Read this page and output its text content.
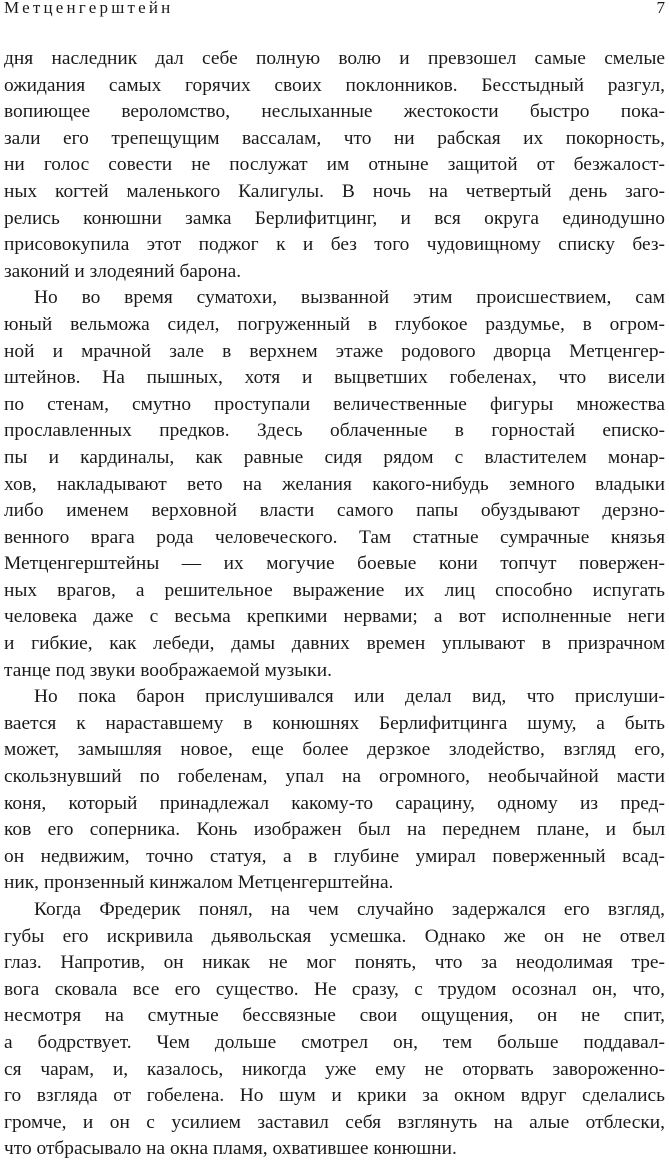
Метценгерштейн	7
дня наследник дал себе полную волю и превзошел самые смелые
ожидания самых горячих своих поклонников. Бесстыдный разгул,
вопиющее вероломство, неслыханные жестокости быстро пока-
зали его трепещущим вассалам, что ни рабская их покорность,
ни голос совести не послужат им отныне защитой от безжалост-
ных когтей маленького Калигулы. В ночь на четвертый день заго-
релись конюшни замка Берлифитцинг, и вся округа единодушно
присовокупила этот поджог к и без того чудовищному списку без-
законий и злодеяний барона.
Но во время суматохи, вызванной этим происшествием, сам
юный вельможа сидел, погруженный в глубокое раздумье, в огром-
ной и мрачной зале в верхнем этаже родового дворца Метценгер-
штейнов. На пышных, хотя и выцветших гобеленах, что висели
по стенам, смутно проступали величественные фигуры множества
прославленных предков. Здесь облаченные в горностай еписко-
пы и кардиналы, как равные сидя рядом с властителем монар-
хов, накладывают вето на желания какого-нибудь земного владыки
либо именем верховной власти самого папы обуздывают дерзно-
венного врага рода человеческого. Там статные сумрачные князья
Метценгерштейны — их могучие боевые кони топчут повержен-
ных врагов, а решительное выражение их лиц способно испугать
человека даже с весьма крепкими нервами; а вот исполненные неги
и гибкие, как лебеди, дамы давних времен уплывают в призрачном
танце под звуки воображаемой музыки.
Но пока барон прислушивался или делал вид, что прислуши-
вается к нараставшему в конюшнях Берлифитцинга шуму, а быть
может, замышляя новое, еще более дерзкое злодейство, взгляд его,
скользнувший по гобеленам, упал на огромного, необычайной масти
коня, который принадлежал какому-то сарацину, одному из пред-
ков его соперника. Конь изображен был на переднем плане, и был
он недвижим, точно статуя, а в глубине умирал поверженный всад-
ник, пронзенный кинжалом Метценгерштейна.
Когда Фредерик понял, на чем случайно задержался его взгляд,
губы его искривила дьявольская усмешка. Однако же он не отвел
глаз. Напротив, он никак не мог понять, что за неодолимая тре-
вога сковала все его существо. Не сразу, с трудом осознал он, что,
несмотря на смутные бессвязные свои ощущения, он не спит,
а бодрствует. Чем дольше смотрел он, тем больше поддавал-
ся чарам, и, казалось, никогда уже ему не оторвать завороженно-
го взгляда от гобелена. Но шум и крики за окном вдруг сделались
громче, и он с усилием заставил себя взглянуть на алые отблески,
что отбрасывало на окна пламя, охватившее конюшни.
